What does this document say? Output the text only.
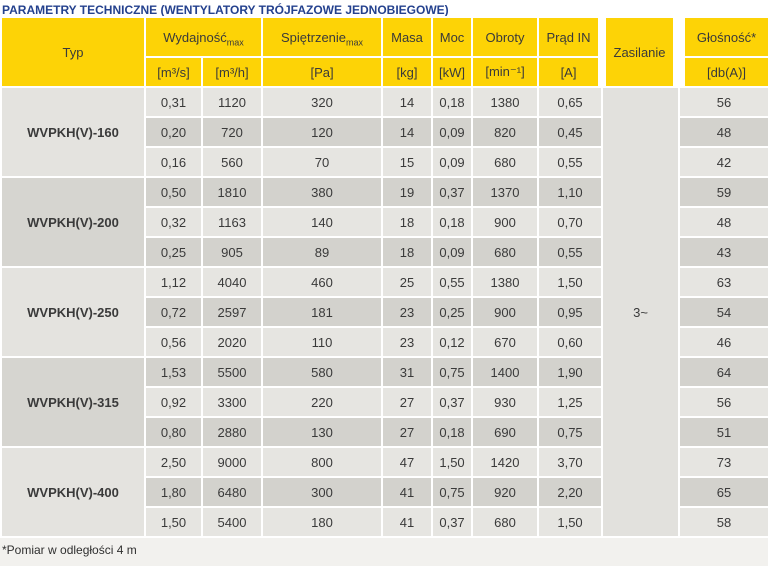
PARAMETRY TECHNICZNE (WENTYLATORY TRÓJFAZOWE JEDNOBIEGOWE)
Typ	Wydajność$_{max}$		Spiętrzenie$_{max}$	Masa	Moc	Obroty	Prąd IN	Zasilanie	Głośność*
	[m³/s]	[m³/h]	[Pa]	[kg]	[kW]	[min⁻¹]	[A]		[db(A)]
WVPKH(V)-160	0,31	1120	320	14	0,18	1380	0,65	3~	56
	0,20	720	120	14	0,09	820	0,45		48
	0,16	560	70	15	0,09	680	0,55		42
WVPKH(V)-200	0,50	1810	380	19	0,37	1370	1,10		59
	0,32	1163	140	18	0,18	900	0,70		48
	0,25	905	89	18	0,09	680	0,55		43
WVPKH(V)-250	1,12	4040	460	25	0,55	1380	1,50		63
	0,72	2597	181	23	0,25	900	0,95		54
	0,56	2020	110	23	0,12	670	0,60		46
WVPKH(V)-315	1,53	5500	580	31	0,75	1400	1,90		64
	0,92	3300	220	27	0,37	930	1,25		56
	0,80	2880	130	27	0,18	690	0,75		51
WVPKH(V)-400	2,50	9000	800	47	1,50	1420	3,70		73
	1,80	6480	300	41	0,75	920	2,20		65
	1,50	5400	180	41	0,37	680	1,50		58
*Pomiar w odległości 4 m
